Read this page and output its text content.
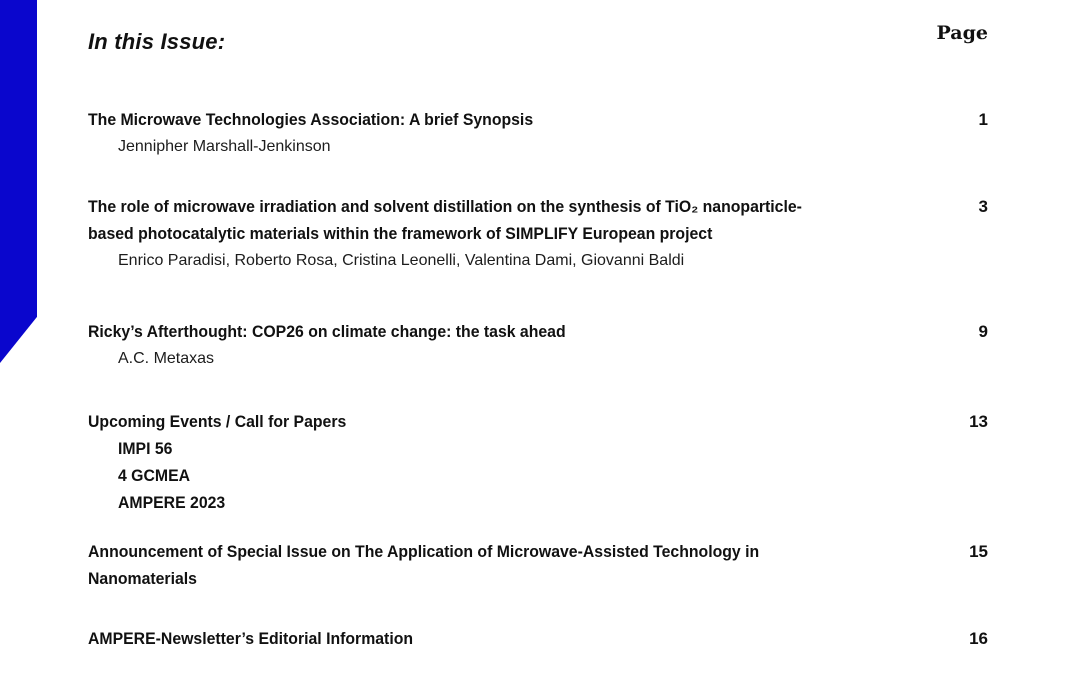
In this Issue:	Page
The Microwave Technologies Association: A brief Synopsis
Jennipher Marshall-Jenkinson
1
The role of microwave irradiation and solvent distillation on the synthesis of TiO₂ nanoparticle-
based photocatalytic materials within the framework of SIMPLIFY European project
Enrico Paradisi, Roberto Rosa, Cristina Leonelli, Valentina Dami, Giovanni Baldi
3
Ricky’s Afterthought: COP26 on climate change: the task ahead
A.C. Metaxas
9
Upcoming Events / Call for Papers
IMPI 56
4 GCMEA
AMPERE 2023
13
Announcement of Special Issue on The Application of Microwave-Assisted Technology in
Nanomaterials
15
AMPERE-Newsletter’s Editorial Information	16
